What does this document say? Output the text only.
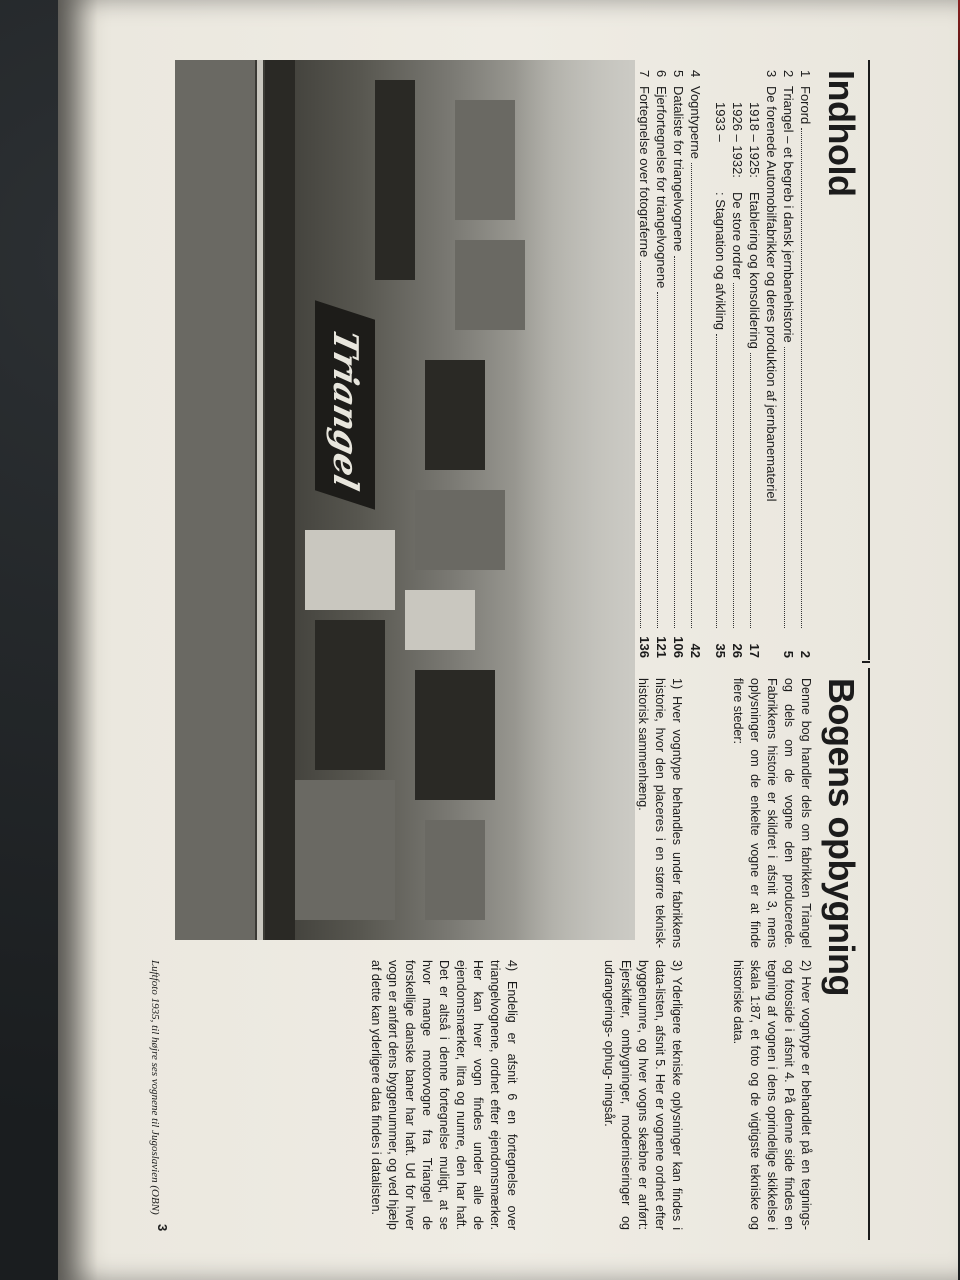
Indhold
1
Forord
2
2
Triangel – et begreb i dansk jernbanehistorie
5
3
De forenede Automobilfabrikker og deres produktion af jernbanemateriel
1918 – 1925:
Etablering og konsolidering
17
1926 – 1932:
De store ordrer
26
1933 –
: Stagnation og afvikling
35
4
Vogntyperne
42
5
Dataliste for triangelvognene
106
6
Ejerfortegnelse for triangelvognene
121
7
Fortegnelse over fotograferne
136
Bogens opbygning

Denne bog handler dels om fabrikken Triangel og dels om de vogne den producerede. Fabrikkens historie er skildret i afsnit 3, mens oplysninger om de enkelte vogne er at finde flere steder:

1) Hver vogntype behandles under fabrikkens historie, hvor den placeres i en større teknisk-historisk sammenhæng.

2) Hver vogntype er behandlet på en tegnings- og fotoside i afsnit 4. På denne side findes en tegning af vognen i dens oprindelige skikkelse i skala 1:87, et foto og de vigtigste tekniske og historiske data.

3) Yderligere tekniske oplysninger kan findes i data-listen, afsnit 5. Her er vognene ordnet efter byggenumre, og hver vogns skæbne er anført: Ejerskifter, ombygninger, moderniseringer og udrangerings- ophug- ningsår.

4) Endelig er afsnit 6 en fortegnelse over triangelvognene, ordnet efter ejendomsmærker. Her kan hver vogn findes under alle de ejendomsmærker, litra og numre, den har haft. Det er altså i denne fortegnelse muligt, at se hvor mange motorvogne fra Triangel de forskellige danske baner har haft. Ud for hver vogn er anført dens byggenummer, og ved hjælp af dette kan yderligere data findes i datalisten.

Triangel
Luftfoto 1935, til højre ses vognene til Jugoslavien (OBN)
3
